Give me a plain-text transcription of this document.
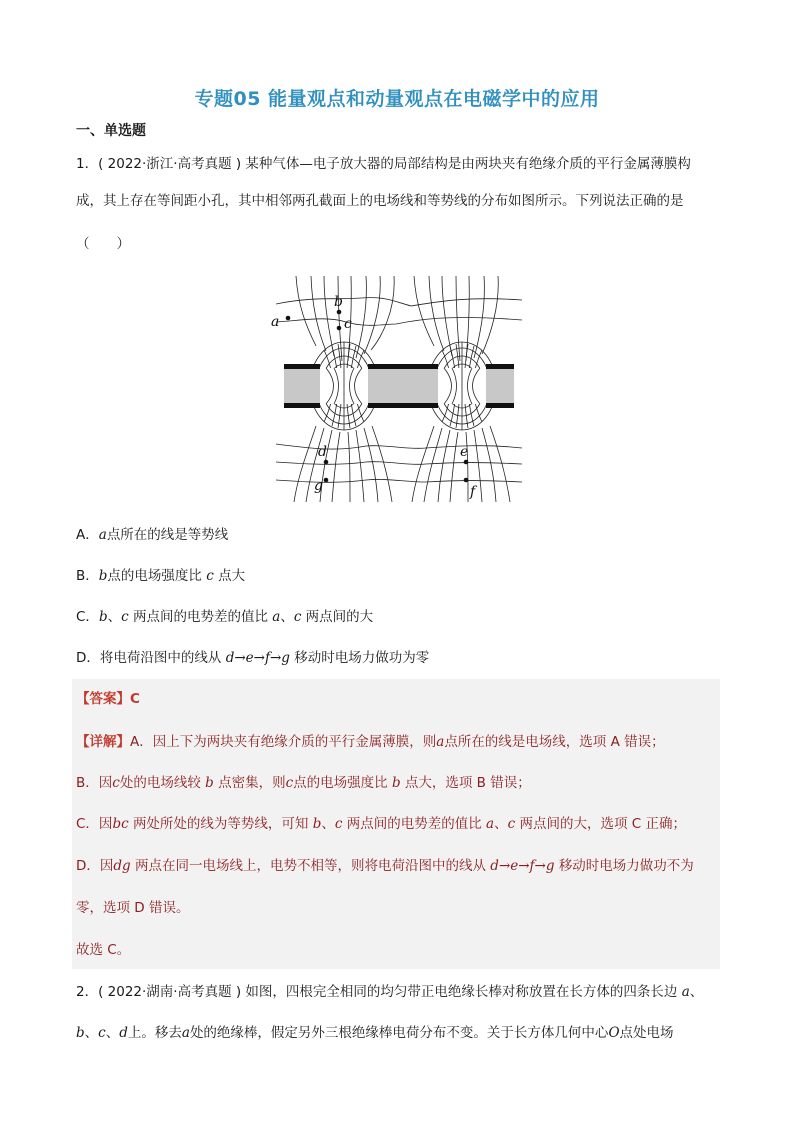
专题05 能量观点和动量观点在电磁学中的应用
一、单选题
1．( 2022·浙江·高考真题 ) 某种气体—电子放大器的局部结构是由两块夹有绝缘介质的平行金属薄膜构
成，其上存在等间距小孔，其中相邻两孔截面上的电场线和等势线的分布如图所示。下列说法正确的是
（　　）
a
b
c
d	e
f
g
A．a点所在的线是等势线
B．b点的电场强度比 c 点大
C．b、c 两点间的电势差的值比 a、c 两点间的大
D．将电荷沿图中的线从 d→e→f→g 移动时电场力做功为零
【答案】C
【详解】A．因上下为两块夹有绝缘介质的平行金属薄膜，则a点所在的线是电场线，选项 A 错误；
B．因c处的电场线较 b 点密集，则c点的电场强度比 b 点大，选项 B 错误；
C．因bc 两处所处的线为等势线，可知 b、c 两点间的电势差的值比 a、c 两点间的大，选项 C 正确；
D．因dg 两点在同一电场线上，电势不相等，则将电荷沿图中的线从 d→e→f→g 移动时电场力做功不为
零，选项 D 错误。
故选 C。
2．( 2022·湖南·高考真题 ) 如图，四根完全相同的均匀带正电绝缘长棒对称放置在长方体的四条长边 a、
b、c、d上。移去a处的绝缘棒，假定另外三根绝缘棒电荷分布不变。关于长方体几何中心O点处电场
